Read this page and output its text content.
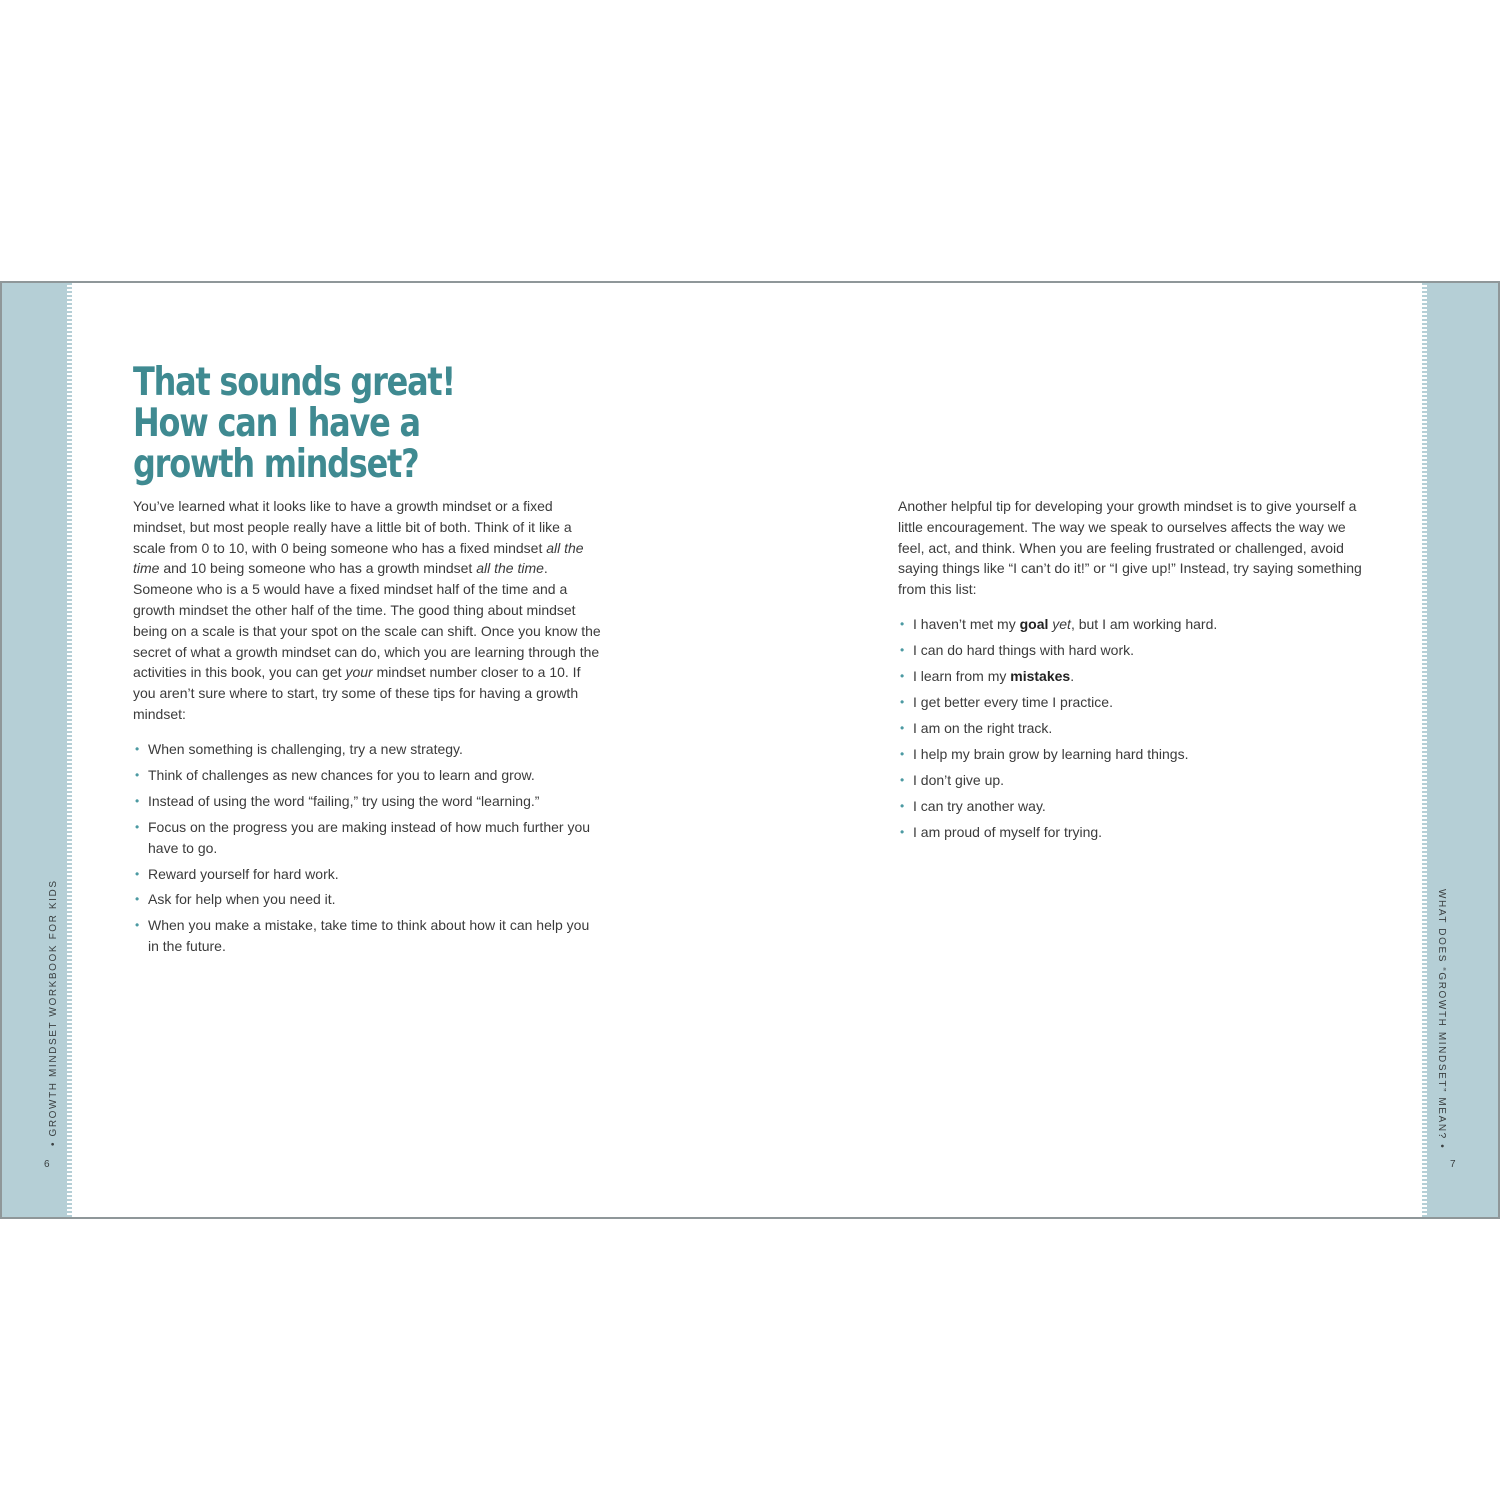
• GROWTH MINDSET WORKBOOK FOR KIDS
6
WHAT DOES “GROWTH MINDSET” MEAN? •
7
That sounds great!
How can I have a
growth mindset?

You’ve learned what it looks like to have a growth mindset or a fixed mindset, but most people really have a little bit of both. Think of it like a scale from 0 to 10, with 0 being someone who has a fixed mindset all the time and 10 being someone who has a growth mindset all the time. Someone who is a 5 would have a fixed mindset half of the time and a growth mindset the other half of the time. The good thing about mindset being on a scale is that your spot on the scale can shift. Once you know the secret of what a growth mindset can do, which you are learning through the activities in this book, you can get your mindset number closer to a 10. If you aren’t sure where to start, try some of these tips for having a growth mindset:

• When something is challenging, try a new strategy.
• Think of challenges as new chances for you to learn and grow.
• Instead of using the word “failing,” try using the word “learning.”
• Focus on the progress you are making instead of how much further you have to go.
• Reward yourself for hard work.
• Ask for help when you need it.
• When you make a mistake, take time to think about how it can help you in the future.

Another helpful tip for developing your growth mindset is to give yourself a little encouragement. The way we speak to ourselves affects the way we feel, act, and think. When you are feeling frustrated or challenged, avoid saying things like “I can’t do it!” or “I give up!” Instead, try saying something from this list:

• I haven’t met my goal yet, but I am working hard.
• I can do hard things with hard work.
• I learn from my mistakes.
• I get better every time I practice.
• I am on the right track.
• I help my brain grow by learning hard things.
• I don’t give up.
• I can try another way.
• I am proud of myself for trying.
